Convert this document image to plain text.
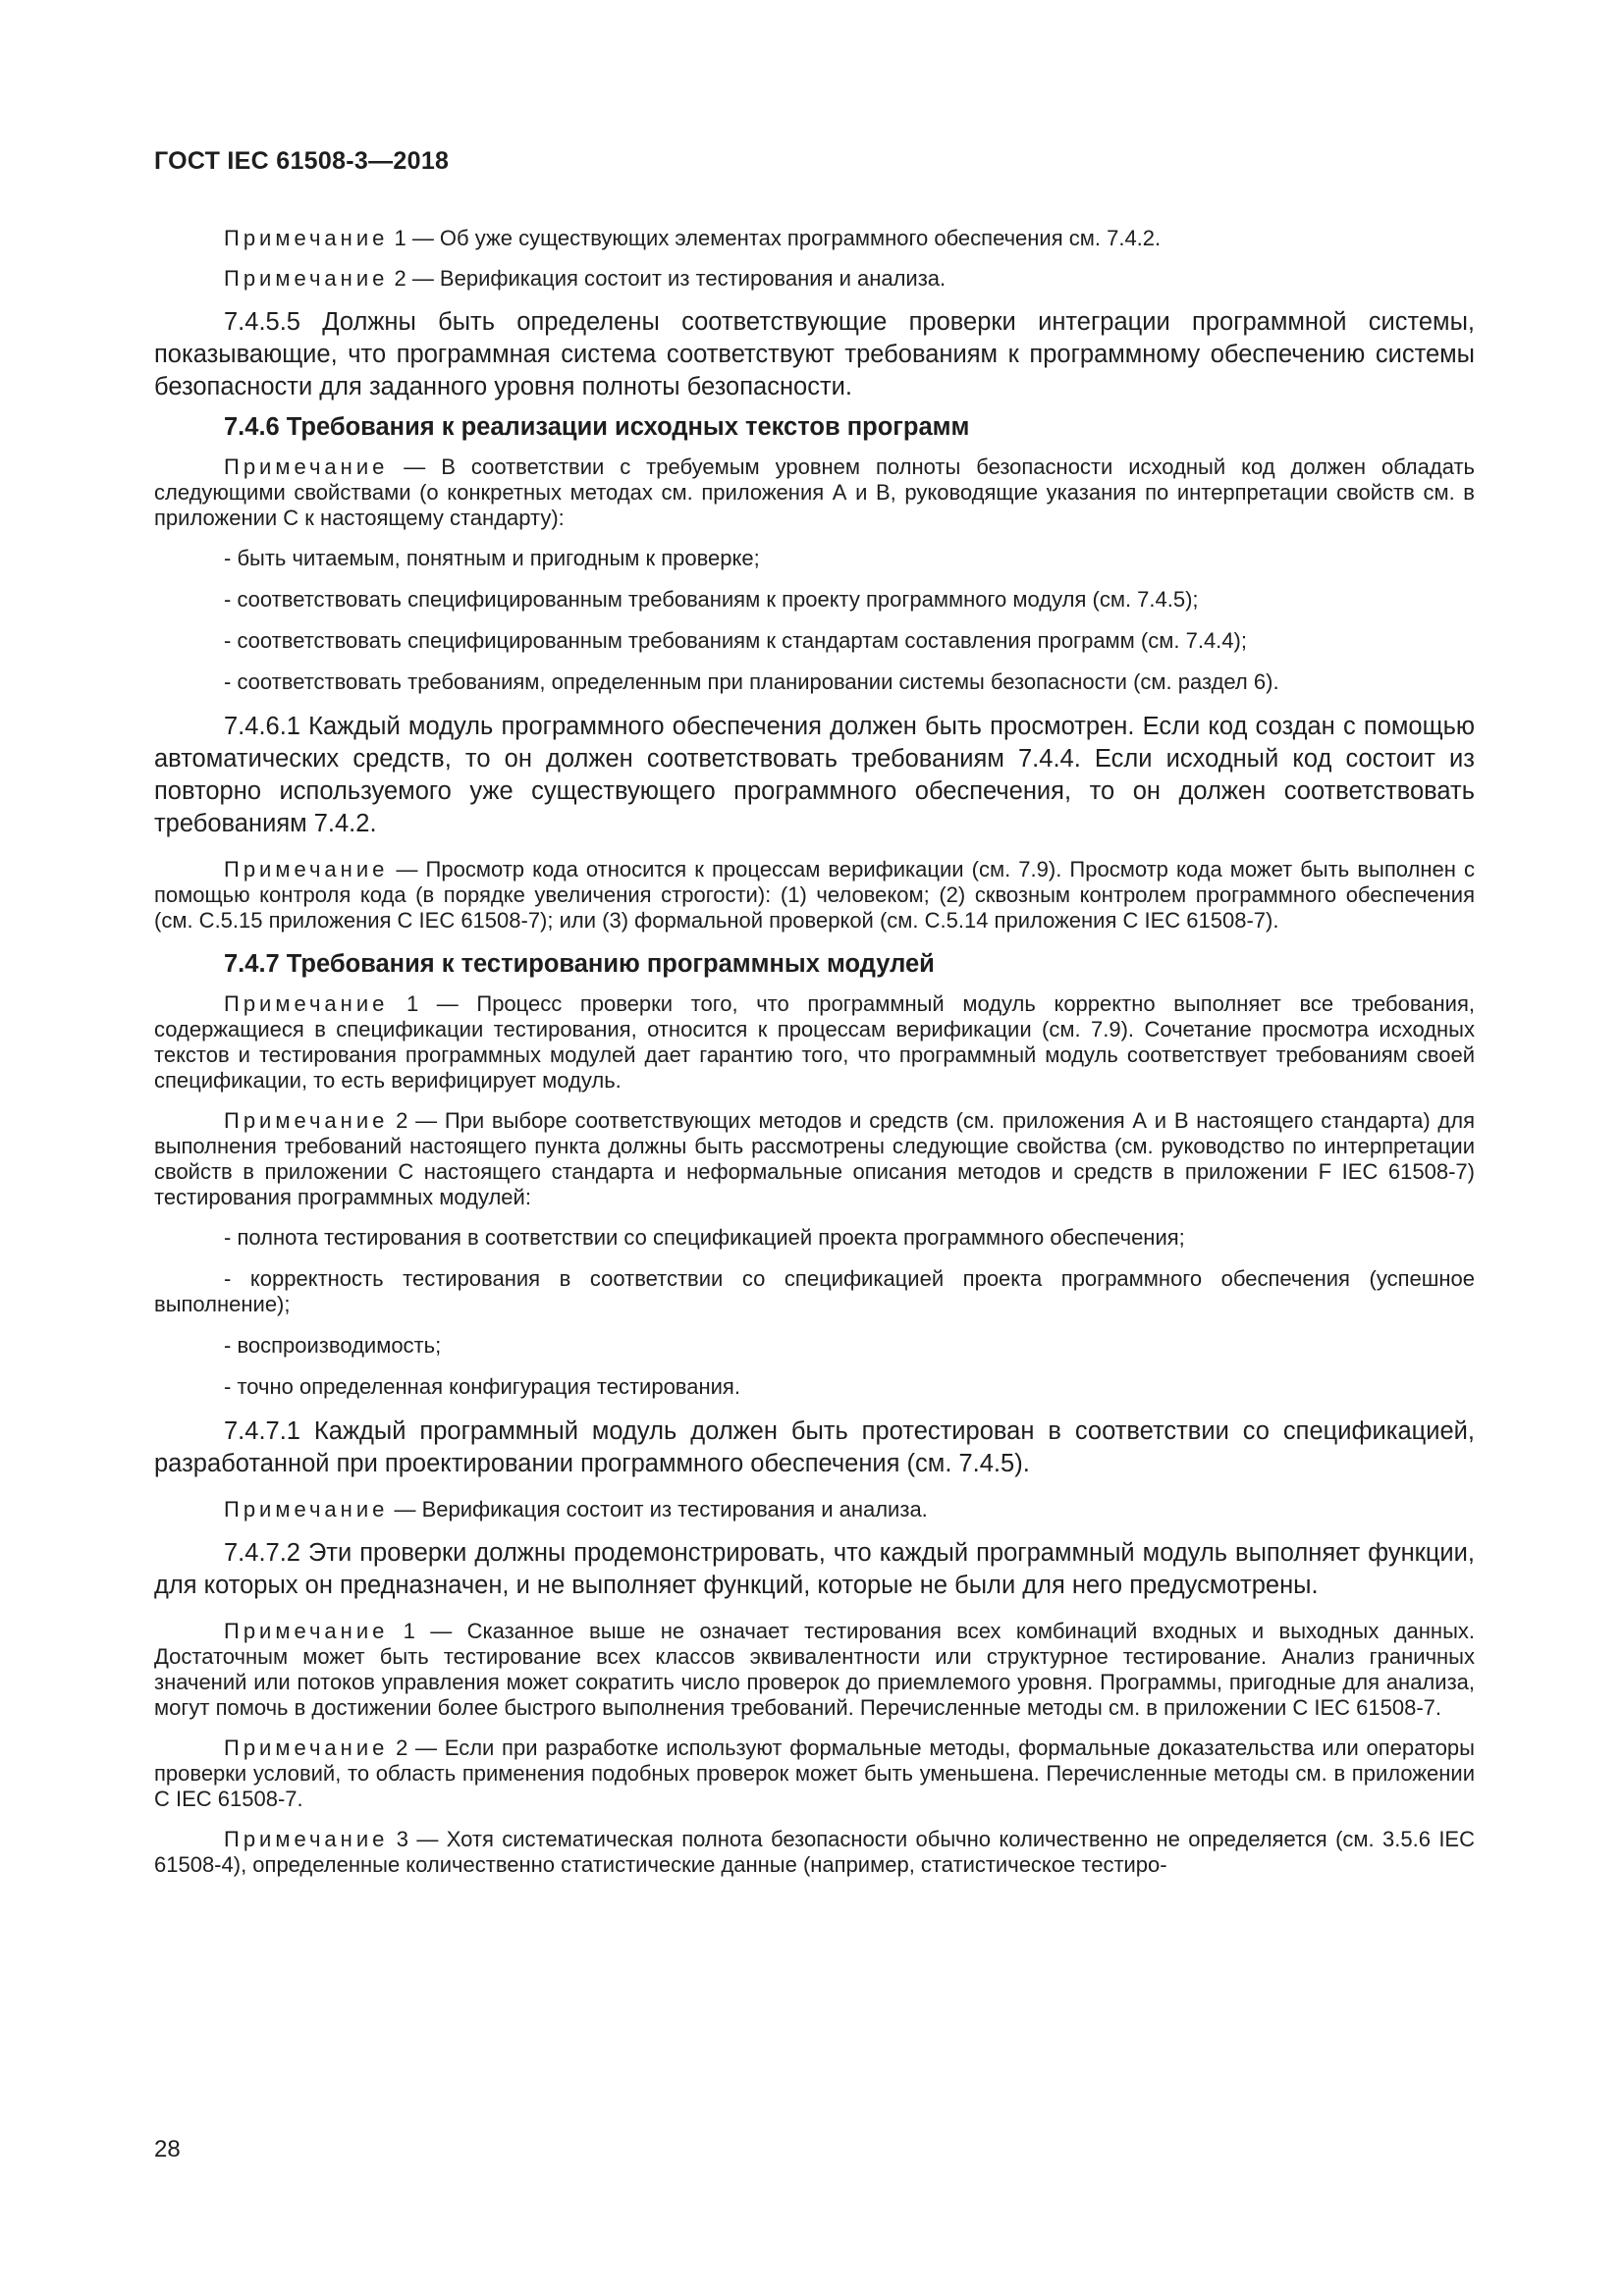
ГОСТ IEC 61508-3—2018

Примечание 1 — Об уже существующих элементах программного обеспечения см. 7.4.2.

Примечание 2 — Верификация состоит из тестирования и анализа.

7.4.5.5 Должны быть определены соответствующие проверки интеграции программной системы, показывающие, что программная система соответствуют требованиям к программному обеспечению системы безопасности для заданного уровня полноты безопасности.

7.4.6 Требования к реализации исходных текстов программ

Примечание — В соответствии с требуемым уровнем полноты безопасности исходный код должен обладать следующими свойствами (о конкретных методах см. приложения А и В, руководящие указания по интерпретации свойств см. в приложении С к настоящему стандарту):

- быть читаемым, понятным и пригодным к проверке;

- соответствовать специфицированным требованиям к проекту программного модуля (см. 7.4.5);

- соответствовать специфицированным требованиям к стандартам составления программ (см. 7.4.4);

- соответствовать требованиям, определенным при планировании системы безопасности (см. раздел 6).

7.4.6.1 Каждый модуль программного обеспечения должен быть просмотрен. Если код создан с помощью автоматических средств, то он должен соответствовать требованиям 7.4.4. Если исходный код состоит из повторно используемого уже существующего программного обеспечения, то он должен соответствовать требованиям 7.4.2.

Примечание — Просмотр кода относится к процессам верификации (см. 7.9). Просмотр кода может быть выполнен с помощью контроля кода (в порядке увеличения строгости): (1) человеком; (2) сквозным контролем программного обеспечения (см. С.5.15 приложения С IEC 61508-7); или (3) формальной проверкой (см. С.5.14 приложения С IEC 61508-7).

7.4.7 Требования к тестированию программных модулей

Примечание 1 — Процесс проверки того, что программный модуль корректно выполняет все требования, содержащиеся в спецификации тестирования, относится к процессам верификации (см. 7.9). Сочетание просмотра исходных текстов и тестирования программных модулей дает гарантию того, что программный модуль соответствует требованиям своей спецификации, то есть верифицирует модуль.

Примечание 2 — При выборе соответствующих методов и средств (см. приложения А и В настоящего стандарта) для выполнения требований настоящего пункта должны быть рассмотрены следующие свойства (см. руководство по интерпретации свойств в приложении С настоящего стандарта и неформальные описания методов и средств в приложении F IEC 61508-7) тестирования программных модулей:

- полнота тестирования в соответствии со спецификацией проекта программного обеспечения;

- корректность тестирования в соответствии со спецификацией проекта программного обеспечения (успешное выполнение);

- воспроизводимость;

- точно определенная конфигурация тестирования.

7.4.7.1 Каждый программный модуль должен быть протестирован в соответствии со спецификацией, разработанной при проектировании программного обеспечения (см. 7.4.5).

Примечание — Верификация состоит из тестирования и анализа.

7.4.7.2 Эти проверки должны продемонстрировать, что каждый программный модуль выполняет функции, для которых он предназначен, и не выполняет функций, которые не были для него предусмотрены.

Примечание 1 — Сказанное выше не означает тестирования всех комбинаций входных и выходных данных. Достаточным может быть тестирование всех классов эквивалентности или структурное тестирование. Анализ граничных значений или потоков управления может сократить число проверок до приемлемого уровня. Программы, пригодные для анализа, могут помочь в достижении более быстрого выполнения требований. Перечисленные методы см. в приложении С IEC 61508-7.

Примечание 2 — Если при разработке используют формальные методы, формальные доказательства или операторы проверки условий, то область применения подобных проверок может быть уменьшена. Перечисленные методы см. в приложении С IEC 61508-7.

Примечание 3 — Хотя систематическая полнота безопасности обычно количественно не определяется (см. 3.5.6 IEC 61508-4), определенные количественно статистические данные (например, статистическое тестиро-

28
